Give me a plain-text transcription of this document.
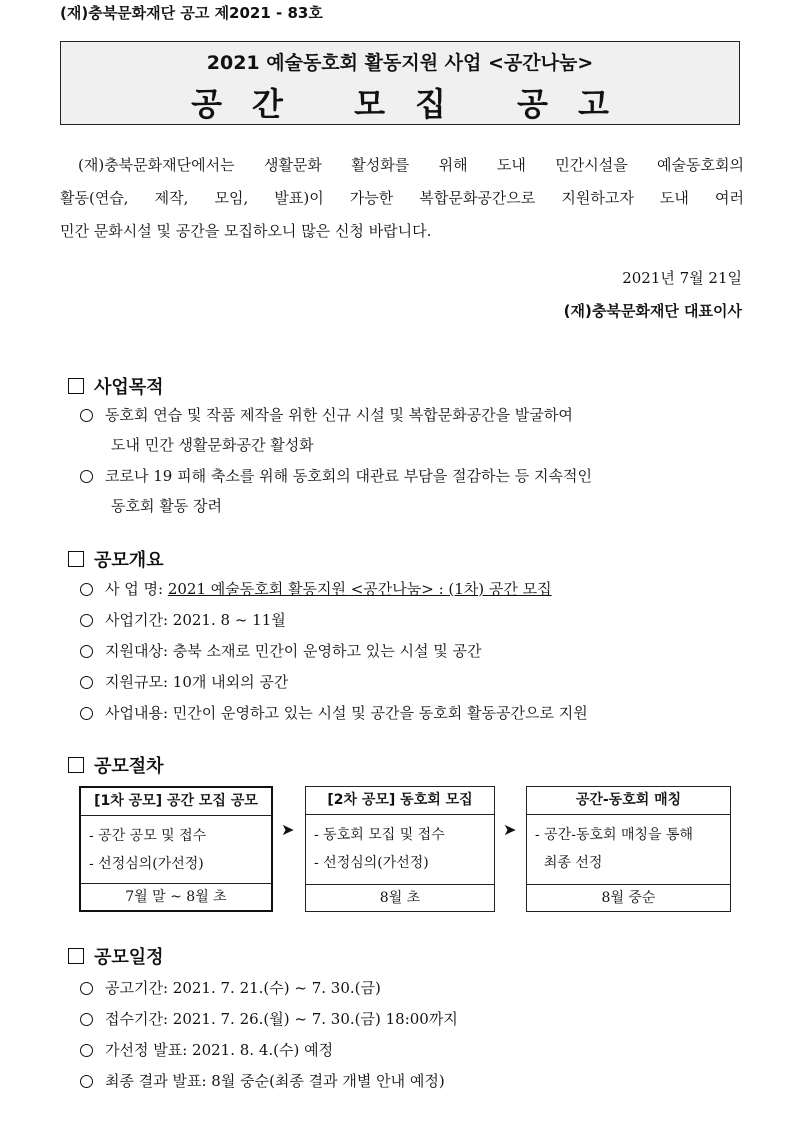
(재)충북문화재단 공고 제2021 - 83호
2021 예술동호회 활동지원 사업 <공간나눔>
공간 모집 공고
(재)충북문화재단에서는 생활문화 활성화를 위해 도내 민간시설을 예술동호회의
활동(연습, 제작, 모임, 발표)이 가능한 복합문화공간으로 지원하고자 도내 여러
민간 문화시설 및 공간을 모집하오니 많은 신청 바랍니다.
2021년 7월 21일
(재)충북문화재단 대표이사
사업목적
동호회 연습 및 작품 제작을 위한 신규 시설 및 복합문화공간을 발굴하여
도내 민간 생활문화공간 활성화
코로나 19 피해 축소를 위해 동호회의 대관료 부담을 절감하는 등 지속적인
동호회 활동 장려
공모개요
사 업 명: 2021 예술동호회 활동지원 <공간나눔> : (1차) 공간 모집
사업기간: 2021. 8 ~ 11월
지원대상: 충북 소재로 민간이 운영하고 있는 시설 및 공간
지원규모: 10개 내외의 공간
사업내용: 민간이 운영하고 있는 시설 및 공간을 동호회 활동공간으로 지원
공모절차
[1차 공모] 공간 모집 공모
- 공간 공모 및 접수
- 선정심의(가선정)
7월 말 ~ 8월 초
➤
[2차 공모] 동호회 모집
- 동호회 모집 및 접수
- 선정심의(가선정)
8월 초
➤
공간-동호회 매칭
- 공간-동호회 매칭을 통해
최종 선정
8월 중순
공모일정
공고기간: 2021. 7. 21.(수) ~ 7. 30.(금)
접수기간: 2021. 7. 26.(월) ~ 7. 30.(금) 18:00까지
가선정 발표: 2021. 8. 4.(수) 예정
최종 결과 발표: 8월 중순(최종 결과 개별 안내 예정)
